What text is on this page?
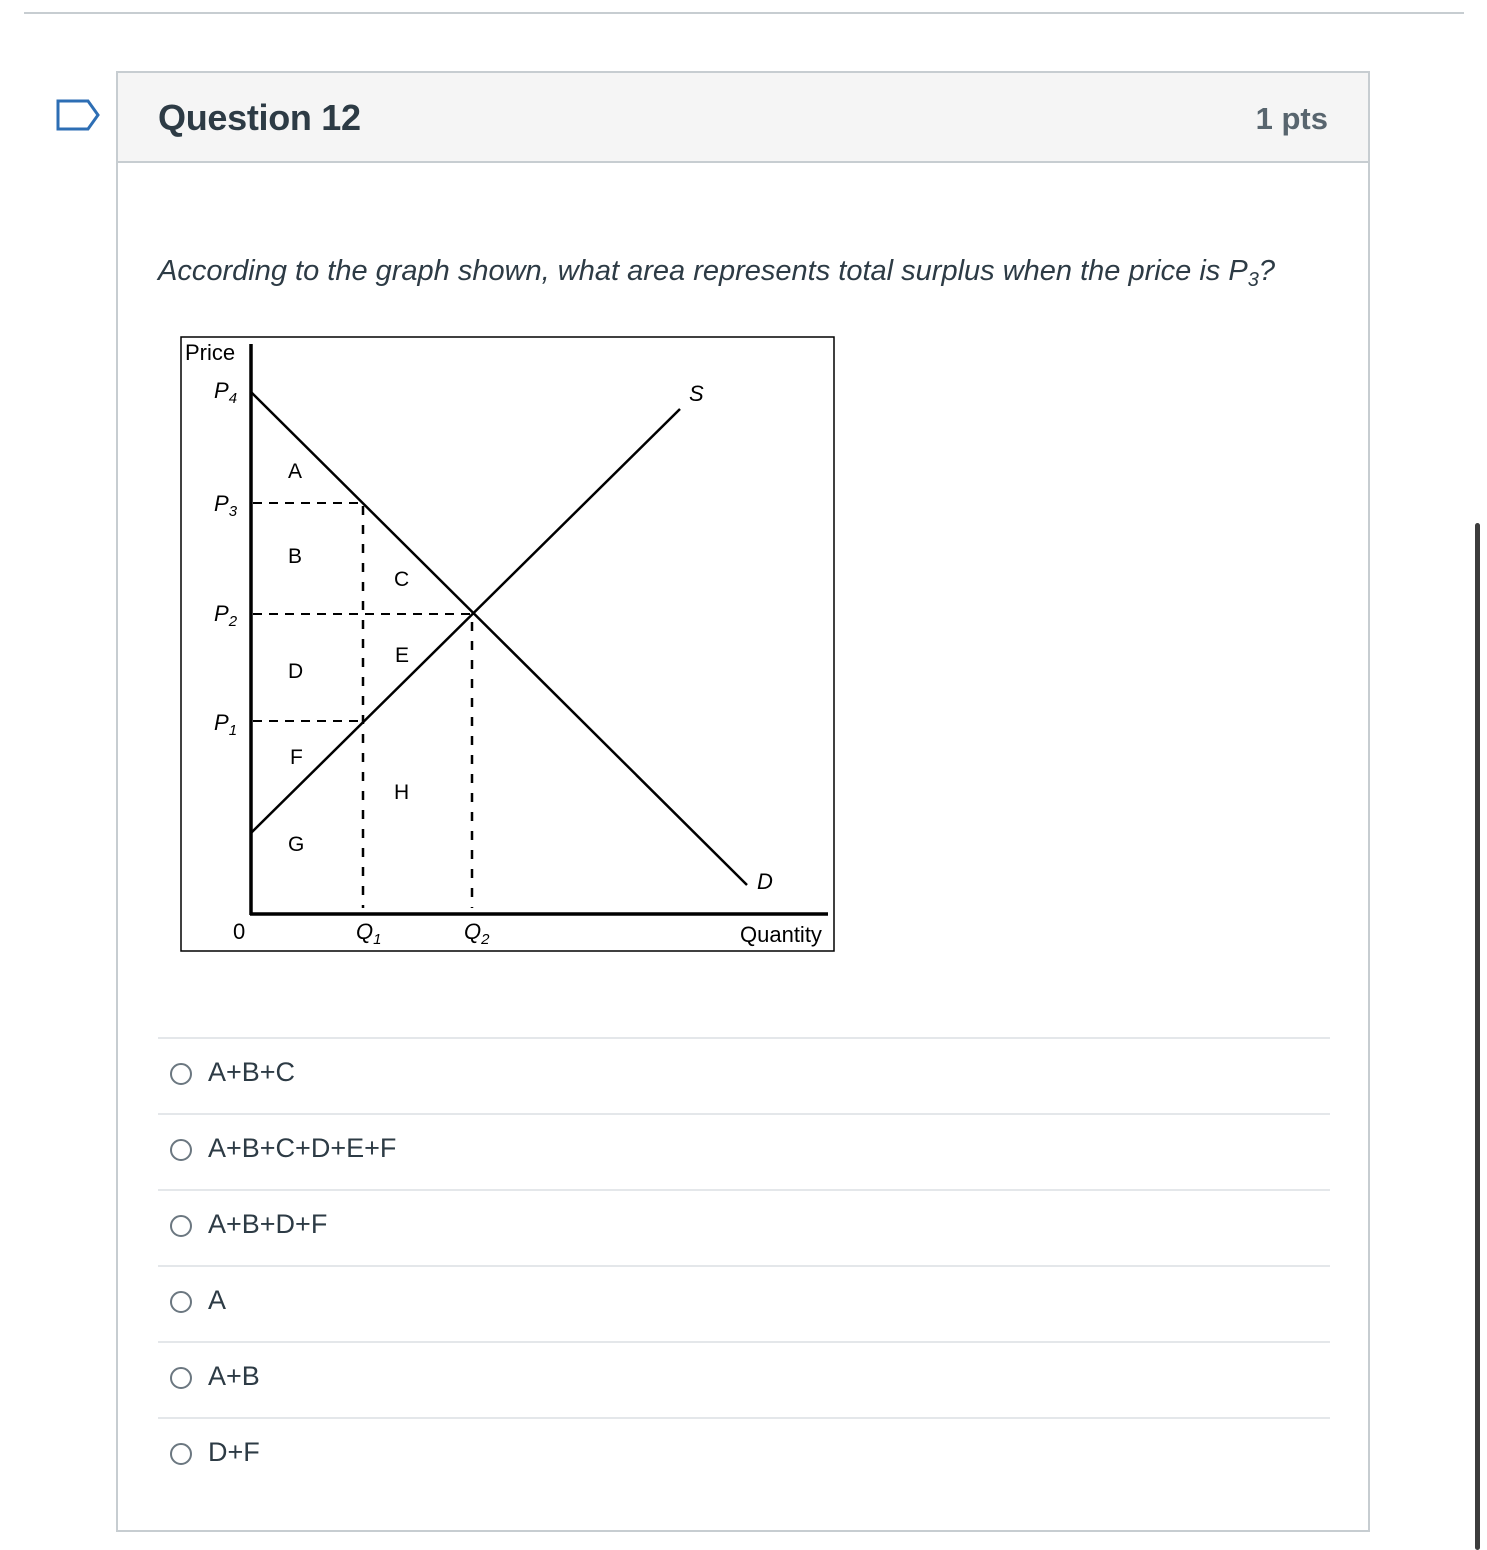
Question 12	1 pts
According to the graph shown, what area represents total surplus when the price is $P_3$?
Price
Quantity
0
$P_4$
$P_3$
$P_2$
$P_1$
$Q_1$	$Q_2$
S
D
A
B
C
D
E
F
G
H
A+B+C
A+B+C+D+E+F
A+B+D+F
A
A+B
D+F
